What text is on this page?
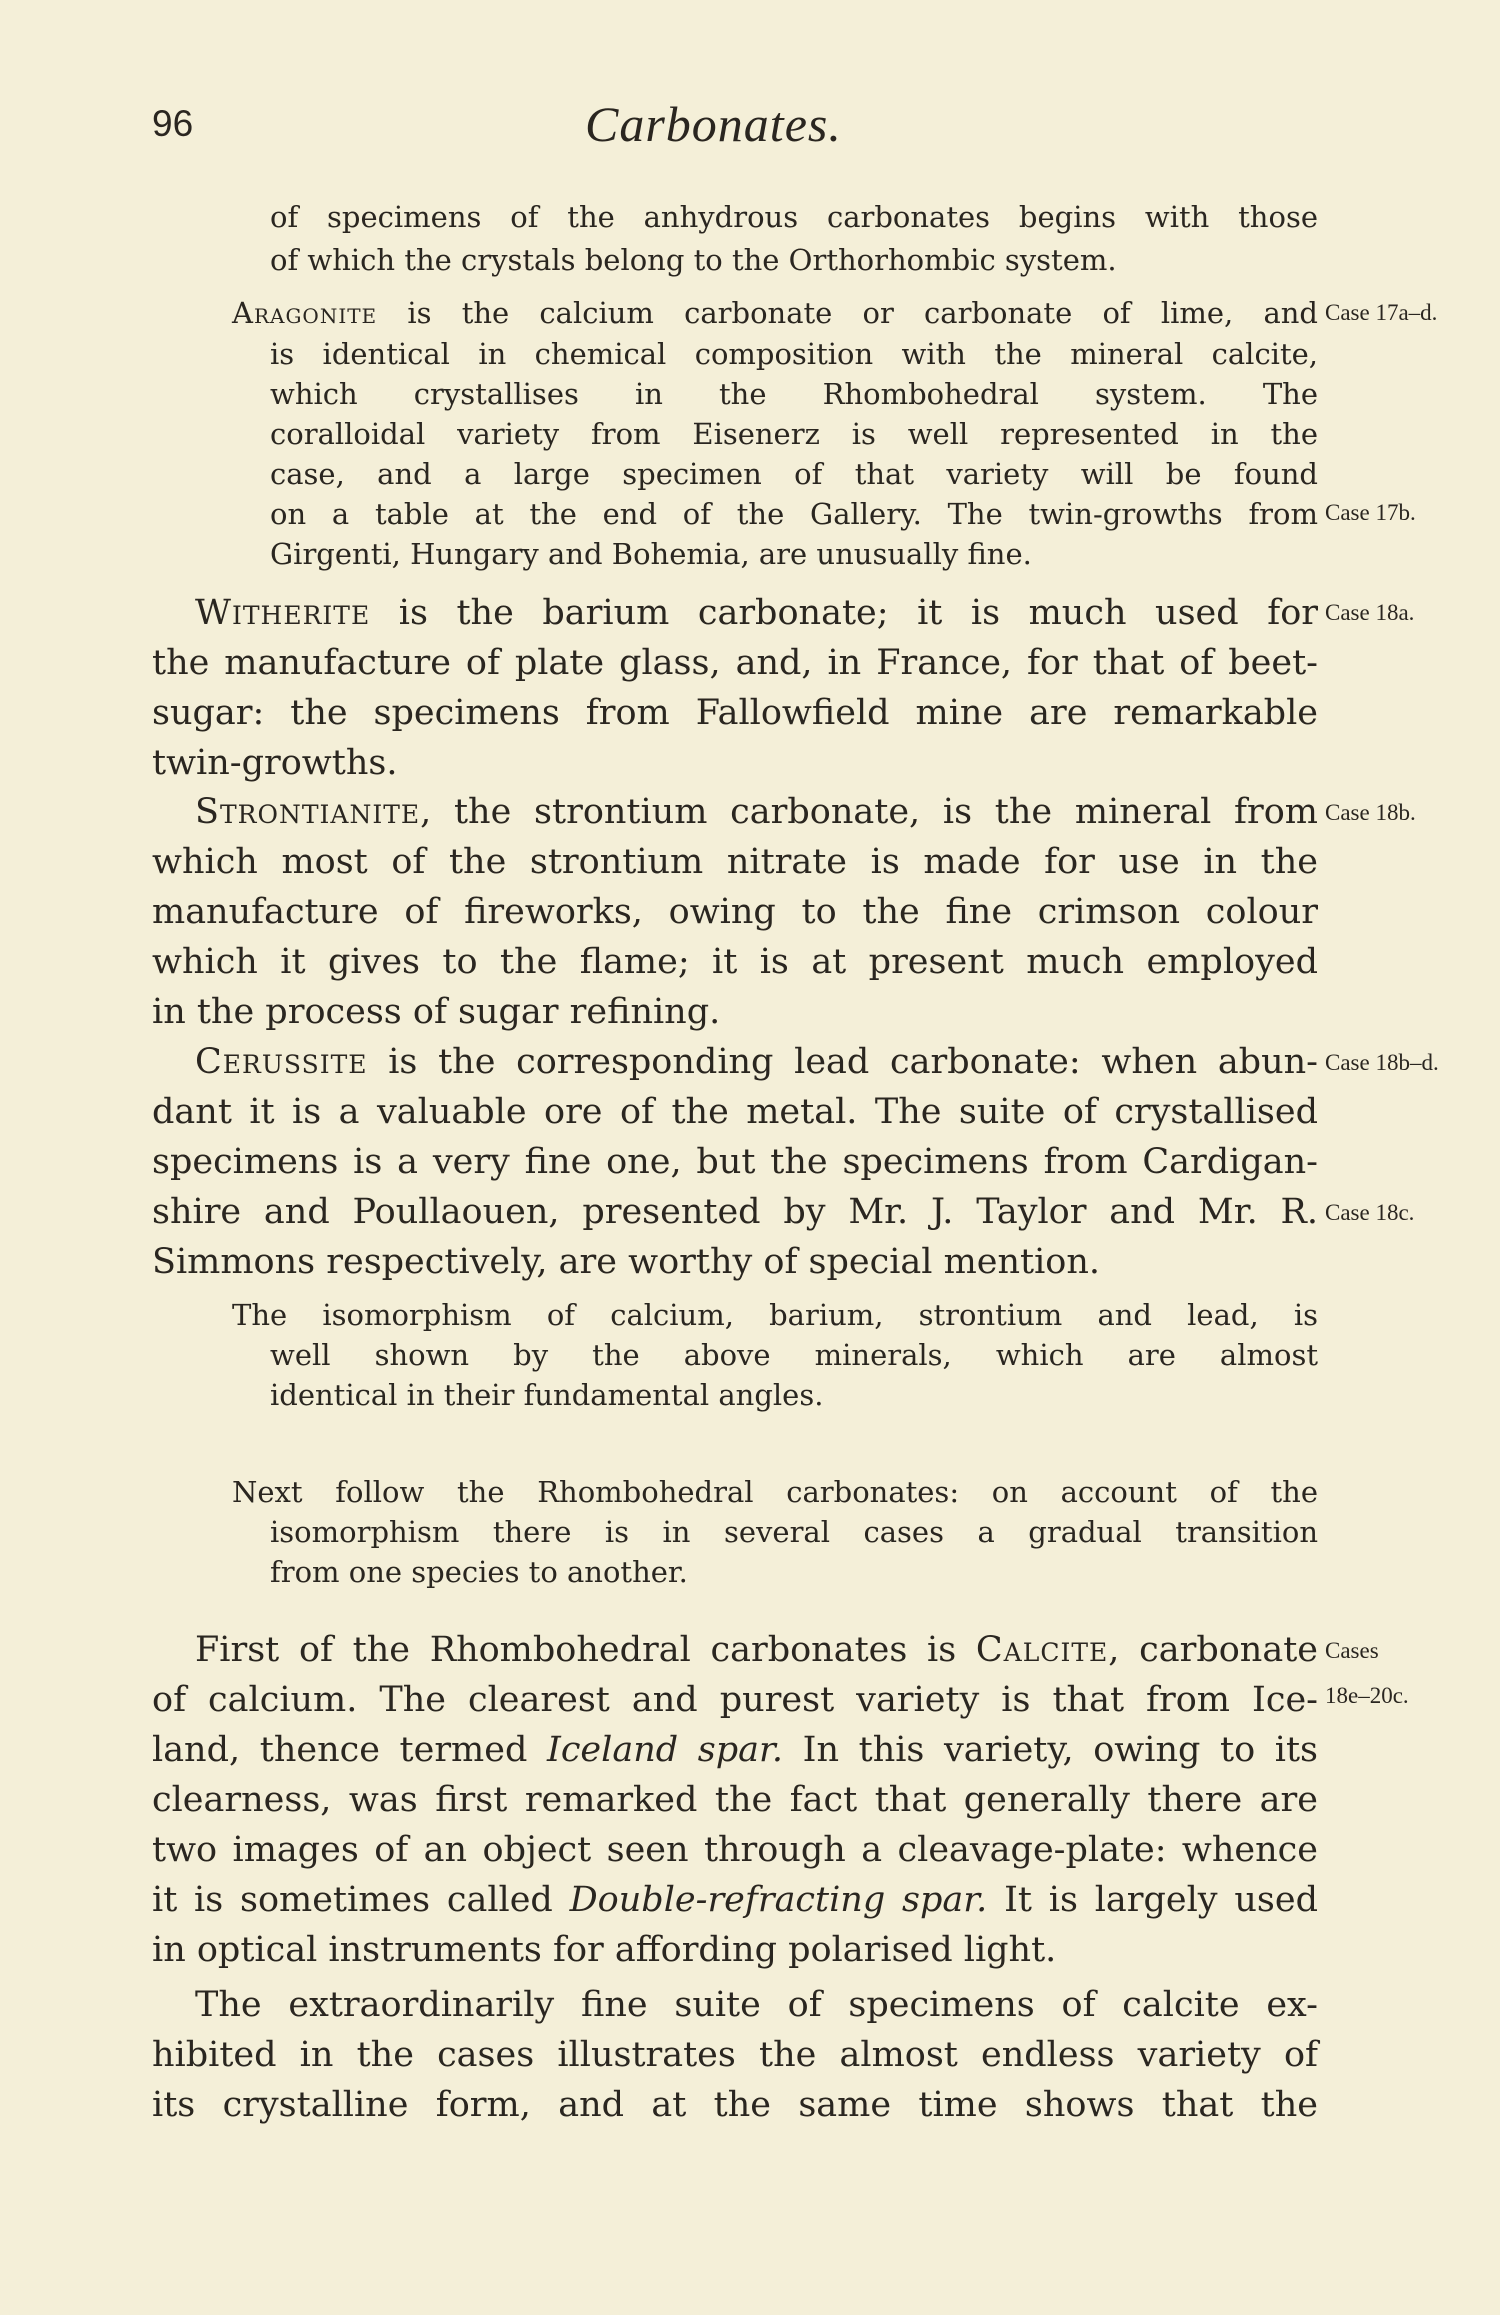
96	Carbonates.
of specimens of the anhydrous carbonates begins with those
of which the crystals belong to the Orthorhombic system.
Aragonite is the calcium carbonate or carbonate of lime, and
is identical in chemical composition with the mineral calcite,
which crystallises in the Rhombohedral system. The
coralloidal variety from Eisenerz is well represented in the
case, and a large specimen of that variety will be found
on a table at the end of the Gallery. The twin-growths from
Girgenti, Hungary and Bohemia, are unusually fine.
Witherite is the barium carbonate; it is much used for
the manufacture of plate glass, and, in France, for that of beet-
sugar: the specimens from Fallowfield mine are remarkable
twin-growths.
Strontianite, the strontium carbonate, is the mineral from
which most of the strontium nitrate is made for use in the
manufacture of fireworks, owing to the fine crimson colour
which it gives to the flame; it is at present much employed
in the process of sugar refining.
Cerussite is the corresponding lead carbonate: when abun-
dant it is a valuable ore of the metal. The suite of crystallised
specimens is a very fine one, but the specimens from Cardigan-
shire and Poullaouen, presented by Mr. J. Taylor and Mr. R.
Simmons respectively, are worthy of special mention.
The isomorphism of calcium, barium, strontium and lead, is
well shown by the above minerals, which are almost
identical in their fundamental angles.
Next follow the Rhombohedral carbonates: on account of the
isomorphism there is in several cases a gradual transition
from one species to another.
First of the Rhombohedral carbonates is Calcite, carbonate
of calcium. The clearest and purest variety is that from Ice-
land, thence termed Iceland spar. In this variety, owing to its
clearness, was first remarked the fact that generally there are
two images of an object seen through a cleavage-plate: whence
it is sometimes called Double-refracting spar. It is largely used
in optical instruments for affording polarised light.
The extraordinarily fine suite of specimens of calcite ex-
hibited in the cases illustrates the almost endless variety of
its crystalline form, and at the same time shows that the
Case 17a–d.
Case 17b.
Case 18a.
Case 18b.
Case 18b–d.
Case 18c.
Cases
18e–20c.
